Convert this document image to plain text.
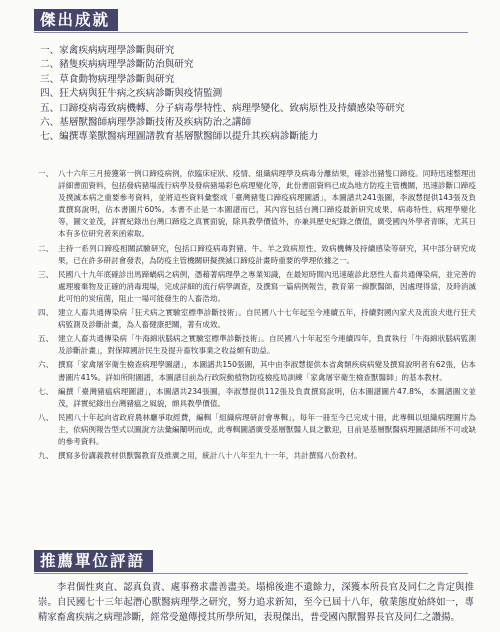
傑出成就
一、家禽疾病病理學診斷與研究
二、豬隻疾病病理學診斷防治與研究
三、草食動物病理學診斷與研究
四、狂犬病與狂牛病之疾病診斷與疫情監測
五、口蹄疫病毒致病機轉、分子病毒學特性、病理學變化、致病原性及持續感染等研究
六、基層獸醫師病理學診斷技術及疾病防治之講師
七、編撰專業獸醫病理圖譜教育基層獸醫師以提升其疾病診斷能力
一、 八十六年三月接獲第一例口蹄疫病例，依臨床症狀、疫情、組織病理學及病毒分離結果，確診出豬隻口蹄疫。同時迅速整理出詳細書面資料，包括發病豬場流行病學及發病豬場彩色病理變化等，此份書面資料已成為地方防疫主管機關，迅速診斷口蹄疫及撲滅本病之重要參考資料，並將這些資料彙整成「臺灣豬隻口蹄疫病理圖譜」，本圖譜共241張圖，李淑慧提供143張及負責撰寫說明，佔本書圖片60%。本書不止是一本圖譜而已，其內容包括台灣口蹄疫最新研究成果、病毒特性、病理學變化等，圖文並茂，詳實紀錄出台灣口蹄疫之真實面貌，除具教學價值外，亦兼具歷史紀錄之價值，廣受國內外學者青睞，尤其日本有多位研究者來函索取。
二、 主持一系列口蹄疫相關試驗研究，包括口蹄疫病毒對豬、牛、羊之致病原性、致病機轉及持續感染等研究，其中部分研究成果，已在許多研討會發表，為防疫主管機關研擬撲滅口蹄疫計畫時重要的學理依據之一。
三、 民國八十九年底確診出馬蹄蝸病之病例，憑藉著病理學之專業知識，在最短時間內迅速確診此惡性人畜共通傳染病，並完善的處理廢棄物及正確的消毒現場，完成詳細的流行病學調查，及撰寫一篇病例報告，教育第一線獸醫師，因處理得當，及時消滅此可怕的炭疽菌，阻止一場可能發生的人畜浩劫。
四、 建立人畜共通傳染病「狂犬病之實驗室標準診斷技術」。自民國八十七年起至今連續五年，持續對國內家犬及流浪犬進行狂犬病監測及診斷計畫，為人畜健康把關，著有成效。
五、 建立人畜共通傳染病「牛海綿狀腦病之實驗室標準診斷技術」。自民國八十年起至今連續四年，負責執行「牛海綿狀腦病監測及診斷計畫」，對保障國計民生及提升畜牧事業之收益頗有助益。
六、 撰寫「家禽屠宰衛生檢查病理學圖譜」，本圖譜共150張圖，其中由李淑慧提供本省禽類疾病病變及撰寫說明者有62張，佔本書圖片41%。詳如所附圖譜，本圖譜目前為行政院動植物防疫檢疫局訓練「家禽屠宰衛生檢查獸醫師」的基本教材。
七、 編撰「臺灣豬瘟病理圖譜」，本圖譜共234張圖，李淑慧提供112張及負責撰寫說明，佔本圖譜圖片47.8%，本圖譜圖文並茂，詳實紀錄出台灣豬瘟之風貌，頗具教學價值。
八、 民國八十年起向省政府農林廳爭取經費，編輯「組織病理研討會專輯」，每年一冊至今已完成十冊，此專輯以組織病理圖片為主，依病例報告型式以圖說方法彙編闡明而成，此專輯圖譜廣受基層獸醫人員之歡迎，目前是基層獸醫病理圖譜師所不可或缺的參考資料。
九、 撰寫多份講義教材供獸醫教育及推廣之用，統計八十八年至九十一年，共計撰寫八份教材。
推薦單位評語

李君個性爽直、認真負責、處事務求盡善盡美。塌棉後進不遺餘力，深獲本所長官及同仁之肯定與推崇。自民國七十三年起潛心獸醫病理學之研究，努力追求新知，至今已屆十八年，敬業態度始終如一，專精家畜禽疾病之病理診斷，經常受邀傳授其所學所知，表現傑出，普受國內獸醫界長官及同仁之讚揚。
